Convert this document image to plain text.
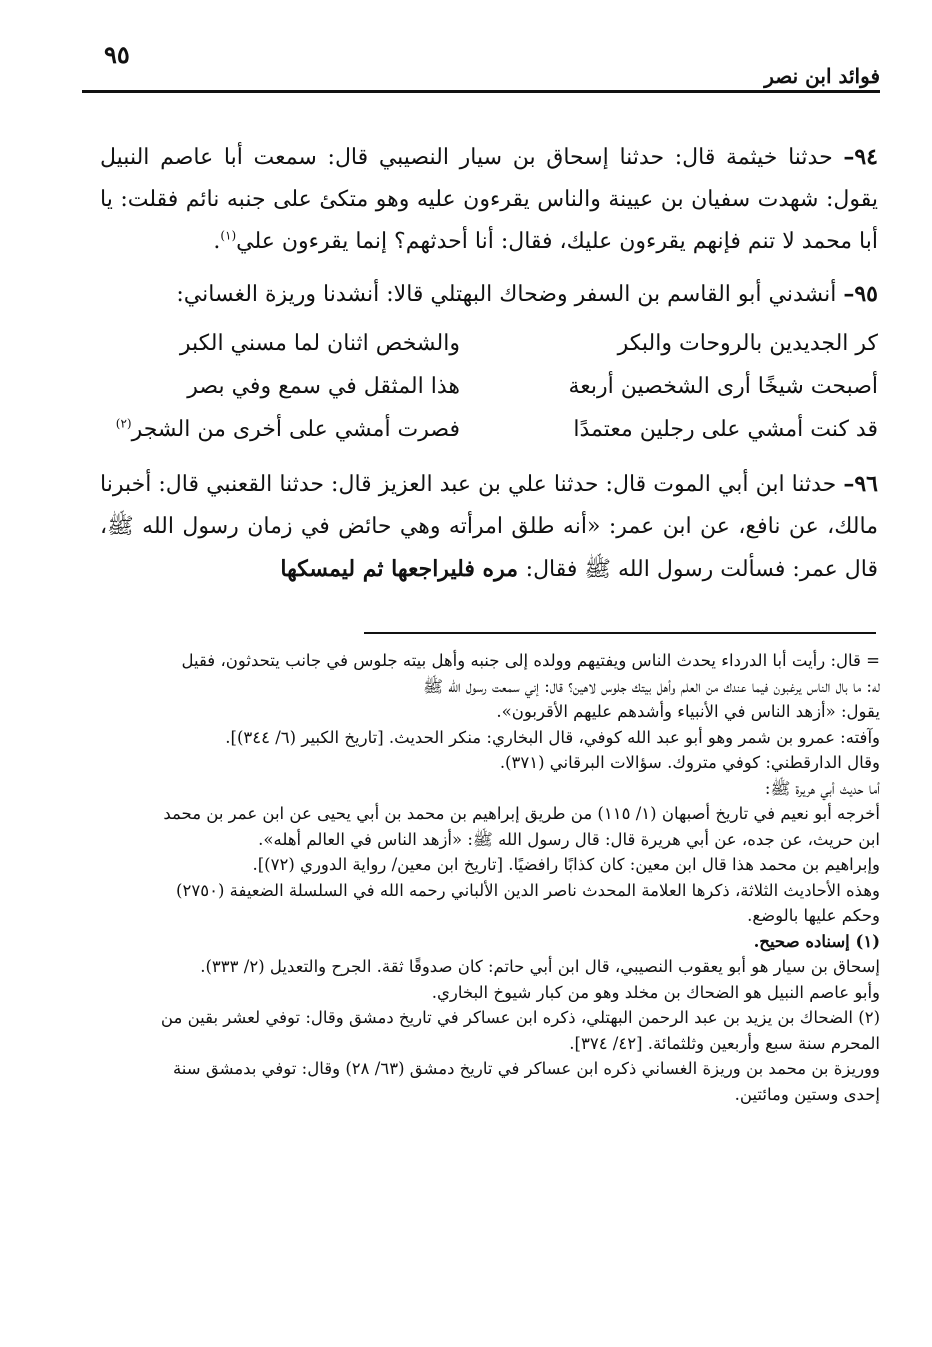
٩٥
فوائد ابن نصر

٩٤– حدثنا خيثمة قال: حدثنا إسحاق بن سيار النصيبي قال: سمعت أبا عاصم النبيل يقول: شهدت سفيان بن عيينة والناس يقرءون عليه وهو متكئ على جنبه نائم فقلت: يا أبا محمد لا تنم فإنهم يقرءون عليك، فقال: أنا أحدثهم؟ إنما يقرءون علي$^{(١)}$.

٩٥– أنشدني أبو القاسم بن السفر وضحاك البهتلي قالا: أنشدنا وريزة الغساني:

كر الجديدين بالروحات والبكر
والشخص اثنان لما مسني الكبر
أصبحت شيخًا أرى الشخصين أربعة
هذا المثقل في سمع وفي بصر
قد كنت أمشي على رجلين معتمدًا
فصرت أمشي على أخرى من الشجر$^{(٢)}$

٩٦– حدثنا ابن أبي الموت قال: حدثنا علي بن عبد العزيز قال: حدثنا القعنبي قال: أخبرنا مالك، عن نافع، عن ابن عمر: «أنه طلق امرأته وهي حائض في زمان رسول الله ﷺ، قال عمر: فسألت رسول الله ﷺ فقال: مره فليراجعها ثم ليمسكها

= قال: رأيت أبا الدرداء يحدث الناس ويفتيهم وولده إلى جنبه وأهل بيته جلوس في جانب يتحدثون، فقيل

له: ما بال الناس يرغبون فيما عندك من العلم وأهل بيتك جلوس لاهين؟ قال: إني سمعت رسول الله ﷺ

يقول: «أزهد الناس في الأنبياء وأشدهم عليهم الأقربون».

وآفته: عمرو بن شمر وهو أبو عبد الله كوفي، قال البخاري: منكر الحديث. [تاريخ الكبير (٦/ ٣٤٤)].

وقال الدارقطني: كوفي متروك. سؤالات البرقاني (٣٧١).

أما حديث أبي هريرة ﷺ:

أخرجه أبو نعيم في تاريخ أصبهان (١/ ١١٥) من طريق إبراهيم بن محمد بن أبي يحيى عن ابن عمر بن محمد

ابن حريث، عن جده، عن أبي هريرة قال: قال رسول الله ﷺ: «أزهد الناس في العالم أهله».

وإبراهيم بن محمد هذا قال ابن معين: كان كذابًا رافضيًا. [تاريخ ابن معين/ رواية الدوري (٧٢)].

وهذه الأحاديث الثلاثة، ذكرها العلامة المحدث ناصر الدين الألباني رحمه الله في السلسلة الضعيفة (٢٧٥٠)

وحكم عليها بالوضع.

(١) إسناده صحيح.

إسحاق بن سيار هو أبو يعقوب النصيبي، قال ابن أبي حاتم: كان صدوقًا ثقة. الجرح والتعديل (٢/ ٣٣٣).

وأبو عاصم النبيل هو الضحاك بن مخلد وهو من كبار شيوخ البخاري.

(٢) الضحاك بن يزيد بن عبد الرحمن البهتلي، ذكره ابن عساكر في تاريخ دمشق وقال: توفي لعشر بقين من

المحرم سنة سبع وأربعين وثلثمائة. [٤٢/ ٣٧٤].

ووريزة بن محمد بن وريزة الغساني ذكره ابن عساكر في تاريخ دمشق (٦٣/ ٢٨) وقال: توفي بدمشق سنة

إحدى وستين ومائتين.
